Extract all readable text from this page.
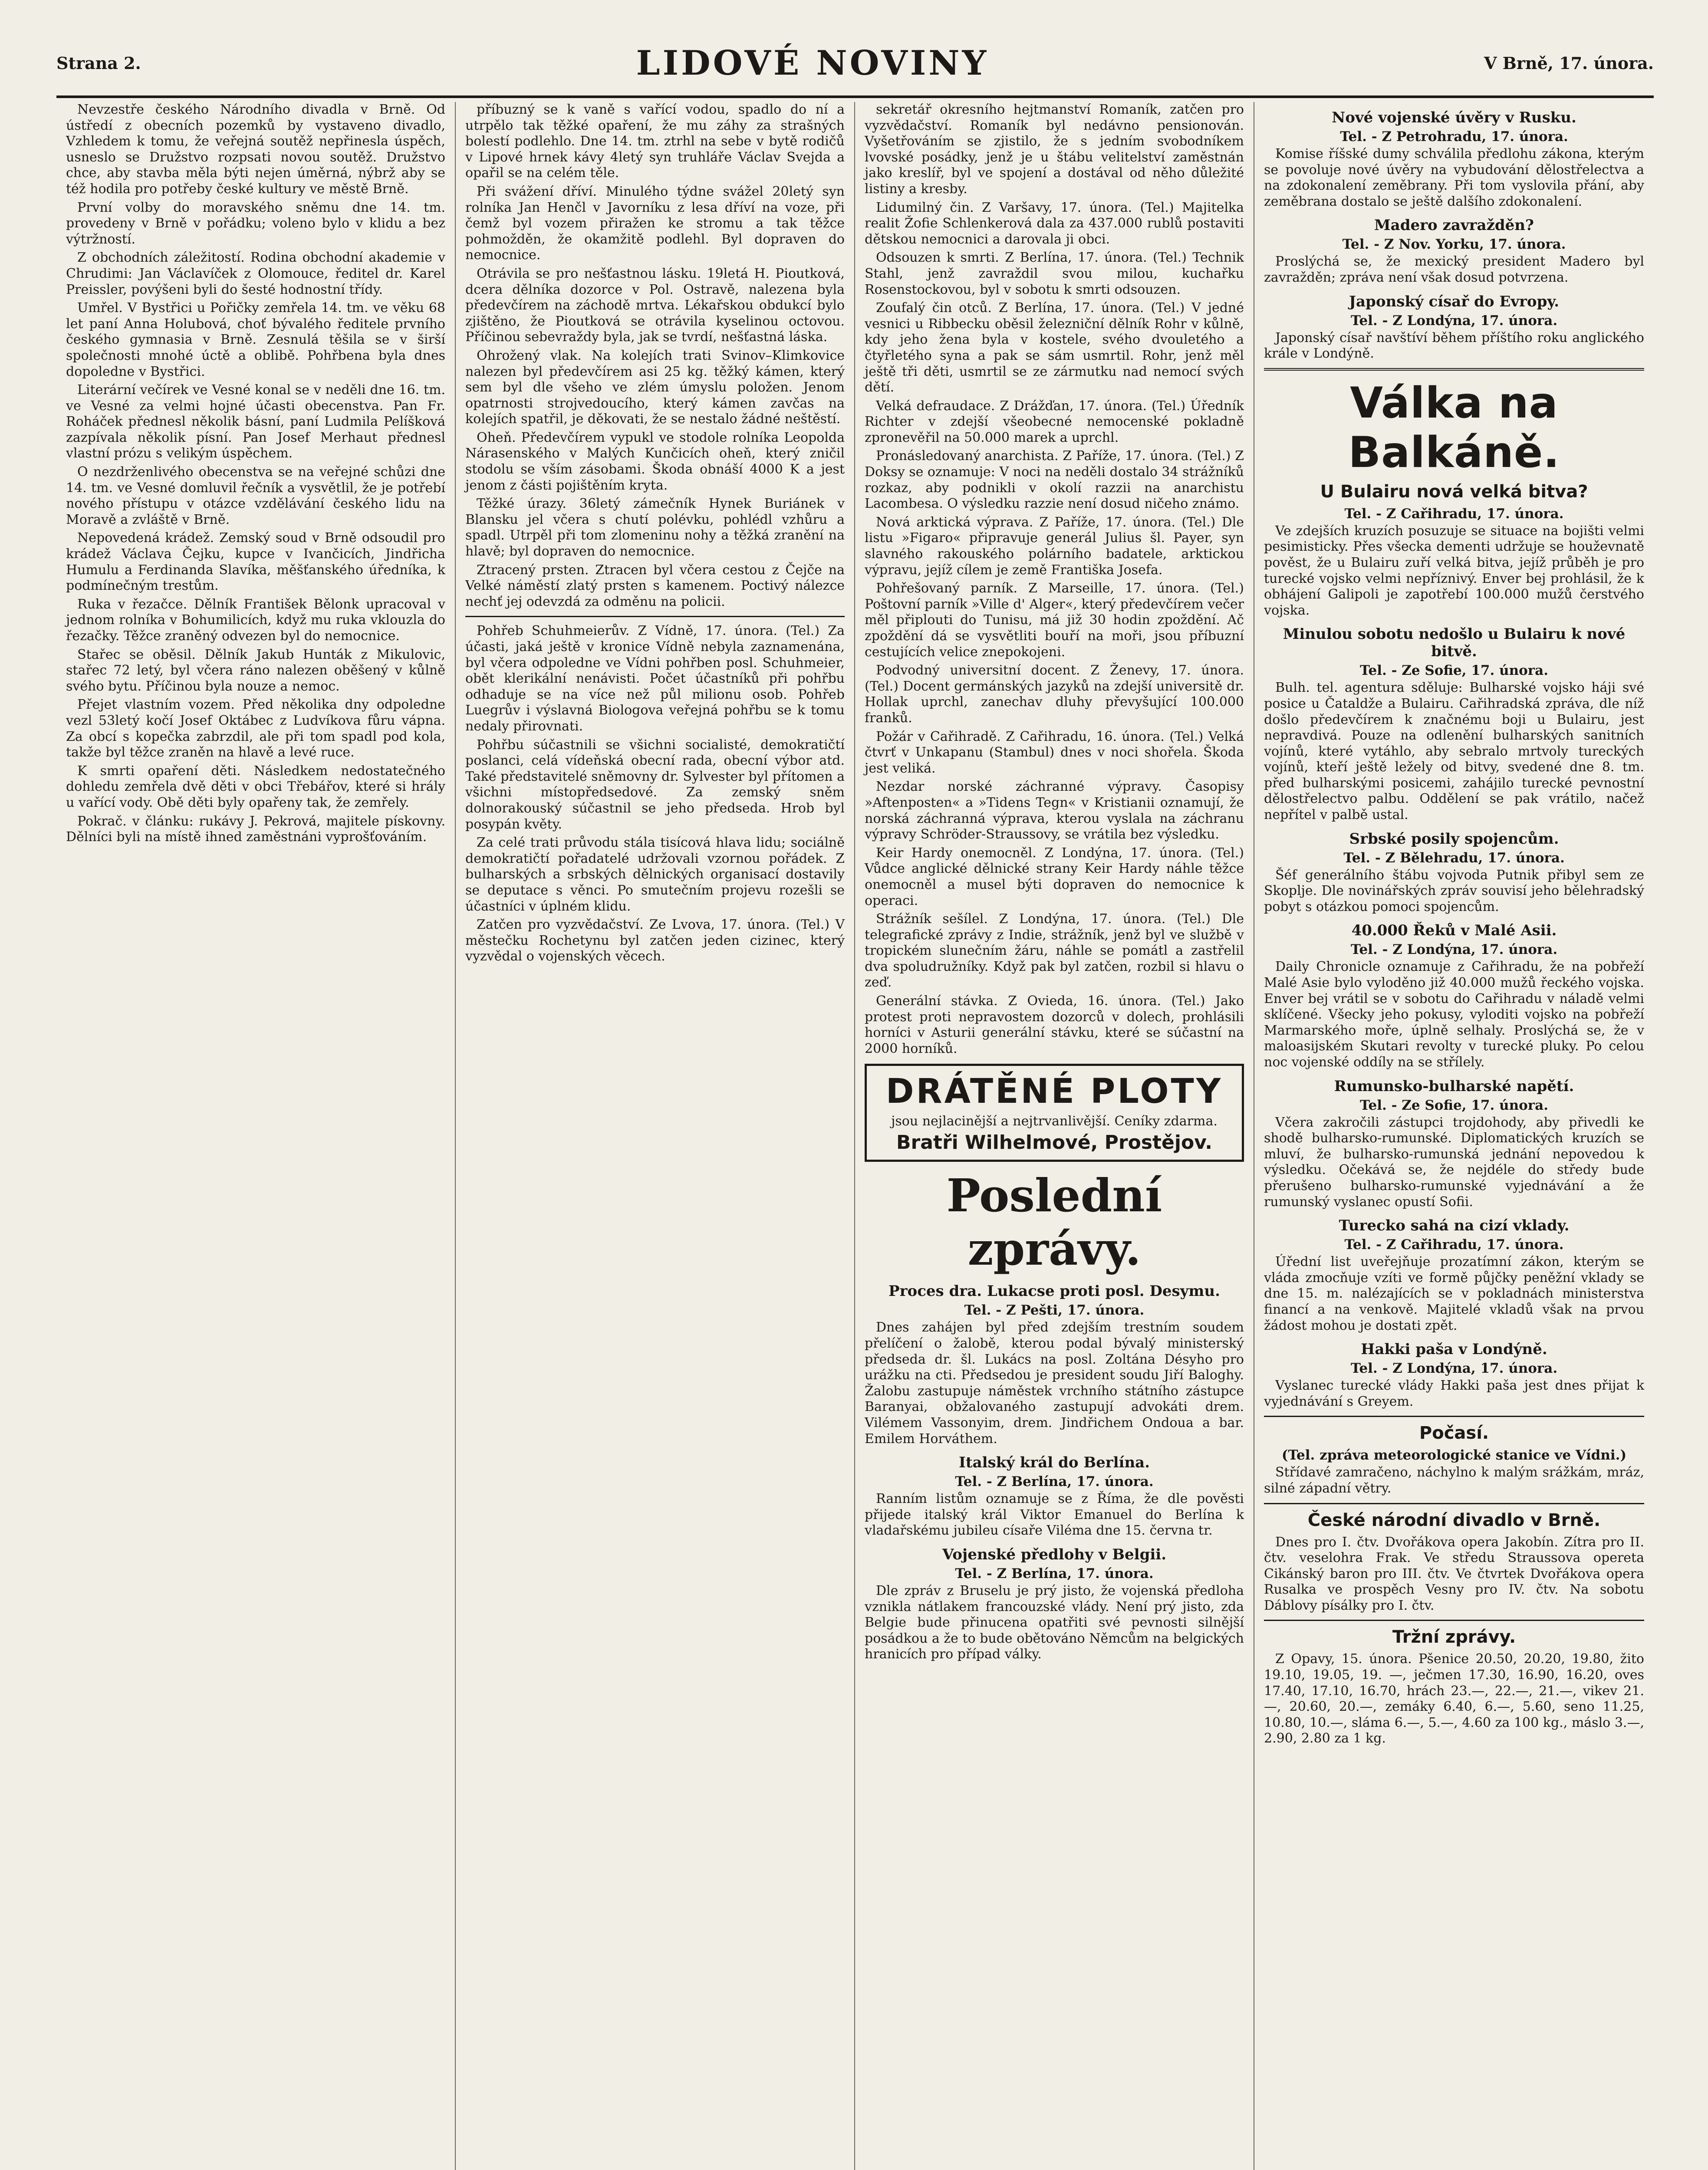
Strana 2.	LIDOVÉ NOVINY	V Brně, 17. února.

Nevzestře českého Národního divadla v Brně. Od ústředí z obecních pozemků by vystaveno divadlo, Vzhledem k tomu, že veřejná soutěž nepřinesla úspěch, usneslo se Družstvo rozpsati novou soutěž. Družstvo chce, aby stavba měla býti nejen úměrná, nýbrž aby se též hodila pro potřeby české kultury ve městě Brně.

První volby do moravského sněmu dne 14. tm. provedeny v Brně v pořádku; voleno bylo v klidu a bez výtržností.

Z obchodních záležitostí. Rodina obchodní akademie v Chrudimi: Jan Václavíček z Olomouce, ředitel dr. Karel Preissler, povýšeni byli do šesté hodnostní třídy.

Umřel. V Bystřici u Pořičky zemřela 14. tm. ve věku 68 let paní Anna Holubová, choť bývalého ředitele prvního českého gymnasia v Brně. Zesnulá těšila se v širší společnosti mnohé úctě a oblibě. Pohřbena byla dnes dopoledne v Bystřici.

Literární večírek ve Vesné konal se v neděli dne 16. tm. ve Vesné za velmi hojné účasti obecenstva. Pan Fr. Roháček přednesl několik básní, paní Ludmila Pelíšková zazpívala několik písní. Pan Josef Merhaut přednesl vlastní prózu s velikým úspěchem.

O nezdrženlivého obecenstva se na veřejné schůzi dne 14. tm. ve Vesné domluvil řečník a vysvětlil, že je potřebí nového přístupu v otázce vzdělávání českého lidu na Moravě a zvláště v Brně.

Nepovedená krádež. Zemský soud v Brně odsoudil pro krádež Václava Čejku, kupce v Ivančicích, Jindřicha Humulu a Ferdinanda Slavíka, měšťanského úředníka, k podmínečným trestům.

Ruka v řezačce. Dělník František Bělonk upracoval v jednom rolníka v Bohumilicích, když mu ruka vklouzla do řezačky. Těžce zraněný odvezen byl do nemocnice.

Stařec se oběsil. Dělník Jakub Hunták z Mikulovic, stařec 72 letý, byl včera ráno nalezen oběšený v kůlně svého bytu. Příčinou byla nouze a nemoc.

Přejet vlastním vozem. Před několika dny odpoledne vezl 53letý kočí Josef Oktábec z Ludvíkova fůru vápna. Za obcí s kopečka zabrzdil, ale při tom spadl pod kola, takže byl těžce zraněn na hlavě a levé ruce.

K smrti opaření děti. Následkem nedostatečného dohledu zemřela dvě děti v obci Třebářov, které si hrály u vařící vody. Obě děti byly opařeny tak, že zemřely.

Pokrač. v článku: rukávy J. Pekrová, majitele pískovny. Dělníci byli na místě ihned zaměstnáni vyprošťováním.

příbuzný se k vaně s vařící vodou, spadlo do ní a utrpělo tak těžké opaření, že mu záhy za strašných bolestí podlehlo. Dne 14. tm. ztrhl na sebe v bytě rodičů v Lipové hrnek kávy 4letý syn truhláře Václav Svejda a opařil se na celém těle.

Při svážení dříví. Minulého týdne svážel 20letý syn rolníka Jan Henčl v Javorníku z lesa dříví na voze, při čemž byl vozem přiražen ke stromu a tak těžce pohmožděn, že okamžitě podlehl. Byl dopraven do nemocnice.

Otrávila se pro nešťastnou lásku. 19letá H. Pioutková, dcera dělníka dozorce v Pol. Ostravě, nalezena byla předevčírem na záchodě mrtva. Lékařskou obdukcí bylo zjištěno, že Pioutková se otrávila kyselinou octovou. Příčinou sebevraždy byla, jak se tvrdí, nešťastná láska.

Ohrožený vlak. Na kolejích trati Svinov–Klimkovice nalezen byl předevčírem asi 25 kg. těžký kámen, který sem byl dle všeho ve zlém úmyslu položen. Jenom opatrnosti strojvedoucího, který kámen zavčas na kolejích spatřil, je děkovati, že se nestalo žádné neštěstí.

Oheň. Předevčírem vypukl ve stodole rolníka Leopolda Nárasenského v Malých Kunčicích oheň, který zničil stodolu se vším zásobami. Škoda obnáší 4000 K a jest jenom z části pojištěním kryta.

Těžké úrazy. 36letý zámečník Hynek Buriánek v Blansku jel včera s chutí polévku, pohlédl vzhůru a spadl. Utrpěl při tom zlomeninu nohy a těžká zranění na hlavě; byl dopraven do nemocnice.

Ztracený prsten. Ztracen byl včera cestou z Čejče na Velké náměstí zlatý prsten s kamenem. Poctivý nálezce nechť jej odevzdá za odměnu na policii.

Pohřeb Schuhmeierův. Z Vídně, 17. února. (Tel.) Za účasti, jaká ještě v kronice Vídně nebyla zaznamenána, byl včera odpoledne ve Vídni pohřben posl. Schuhmeier, obět klerikální nenávisti. Počet účastníků při pohřbu odhaduje se na více než půl milionu osob. Pohřeb Luegrův i výslavná Biologova veřejná pohřbu se k tomu nedaly přirovnati.

Pohřbu súčastnili se všichni socialisté, demokratičtí poslanci, celá vídeňská obecní rada, obecní výbor atd. Také představitelé sněmovny dr. Sylvester byl přítomen a všichni místopředsedové. Za zemský sněm dolnorakouský súčastnil se jeho předseda. Hrob byl posypán květy.

Za celé trati průvodu stála tisícová hlava lidu; sociálně demokratičtí pořadatelé udržovali vzornou pořádek. Z bulharských a srbských dělnických organisací dostavily se deputace s věnci. Po smutečním projevu rozešli se účastníci v úplném klidu.

Zatčen pro vyzvědačství. Ze Lvova, 17. února. (Tel.) V městečku Rochetynu byl zatčen jeden cizinec, který vyzvědal o vojenských věcech.

sekretář okresního hejtmanství Romaník, zatčen pro vyzvědačství. Romaník byl nedávno pensionován. Vyšetřováním se zjistilo, že s jedním svobodníkem lvovské posádky, jenž je u štábu velitelství zaměstnán jako kreslíř, byl ve spojení a dostával od něho důležité listiny a kresby.

Lidumilný čin. Z Varšavy, 17. února. (Tel.) Majitelka realit Žofie Schlenkerová dala za 437.000 rublů postaviti dětskou nemocnici a darovala ji obci.

Odsouzen k smrti. Z Berlína, 17. února. (Tel.) Technik Stahl, jenž zavraždil svou milou, kuchařku Rosenstockovou, byl v sobotu k smrti odsouzen.

Zoufalý čin otců. Z Berlína, 17. února. (Tel.) V jedné vesnici u Ribbecku oběsil železniční dělník Rohr v kůlně, kdy jeho žena byla v kostele, svého dvouletého a čtyřletého syna a pak se sám usmrtil. Rohr, jenž měl ještě tři děti, usmrtil se ze zármutku nad nemocí svých dětí.

Velká defraudace. Z Drážďan, 17. února. (Tel.) Úředník Richter v zdejší všeobecné nemocenské pokladně zpronevěřil na 50.000 marek a uprchl.

Pronásledovaný anarchista. Z Paříže, 17. února. (Tel.) Z Doksy se oznamuje: V noci na neděli dostalo 34 strážníků rozkaz, aby podnikli v okolí razzii na anarchistu Lacombesa. O výsledku razzie není dosud ničeho známo.

Nová arktická výprava. Z Paříže, 17. února. (Tel.) Dle listu »Figaro« připravuje generál Julius šl. Payer, syn slavného rakouského polárního badatele, arktickou výpravu, jejíž cílem je země Františka Josefa.

Pohřešovaný parník. Z Marseille, 17. února. (Tel.) Poštovní parník »Ville d' Alger«, který předevčírem večer měl připlouti do Tunisu, má již 30 hodin zpoždění. Ač zpoždění dá se vysvětliti bouří na moři, jsou příbuzní cestujících velice znepokojeni.

Podvodný universitní docent. Z Ženevy, 17. února. (Tel.) Docent germánských jazyků na zdejší universitě dr. Hollak uprchl, zanechav dluhy převyšující 100.000 franků.

Požár v Cařihradě. Z Cařihradu, 16. února. (Tel.) Velká čtvrť v Unkapanu (Stambul) dnes v noci shořela. Škoda jest veliká.

Nezdar norské záchranné výpravy. Časopisy »Aftenposten« a »Tidens Tegn« v Kristianii oznamují, že norská záchranná výprava, kterou vyslala na záchranu výpravy Schröder-Straussovy, se vrátila bez výsledku.

Keir Hardy onemocněl. Z Londýna, 17. února. (Tel.) Vůdce anglické dělnické strany Keir Hardy náhle těžce onemocněl a musel býti dopraven do nemocnice k operaci.

Strážník sešílel. Z Londýna, 17. února. (Tel.) Dle telegrafické zprávy z Indie, strážník, jenž byl ve službě v tropickém slunečním žáru, náhle se pomátl a zastřelil dva spoludružníky. Když pak byl zatčen, rozbil si hlavu o zeď.

Generální stávka. Z Ovieda, 16. února. (Tel.) Jako protest proti nepravostem dozorců v dolech, prohlásili horníci v Asturii generální stávku, které se súčastní na 2000 horníků.

DRÁTĚNÉ PLOTY
jsou nejlacinější a nejtrvanlivější. Ceníky zdarma.
Bratři Wilhelmové, Prostějov.
Poslední zprávy.
Proces dra. Lukacse proti posl. Desymu.
Tel. - Z Pešti, 17. února.

Dnes zahájen byl před zdejším trestním soudem přelíčení o žalobě, kterou podal bývalý ministerský předseda dr. šl. Lukács na posl. Zoltána Désyho pro urážku na cti. Předsedou je president soudu Jiří Baloghy. Žalobu zastupuje náměstek vrchního státního zástupce Baranyai, obžalovaného zastupují advokáti drem. Vilémem Vassonyim, drem. Jindřichem Ondoua a bar. Emilem Horváthem.

Italský král do Berlína.
Tel. - Z Berlína, 17. února.

Ranním listům oznamuje se z Říma, že dle pověsti přijede italský král Viktor Emanuel do Berlína k vladařskému jubileu císaře Viléma dne 15. června tr.

Vojenské předlohy v Belgii.
Tel. - Z Berlína, 17. února.

Dle zpráv z Bruselu je prý jisto, že vojenská předloha vznikla nátlakem francouzské vlády. Není prý jisto, zda Belgie bude přinucena opatřiti své pevnosti silnější posádkou a že to bude obětováno Němcům na belgických hranicích pro případ války.

Nové vojenské úvěry v Rusku.
Tel. - Z Petrohradu, 17. února.

Komise říšské dumy schválila předlohu zákona, kterým se povoluje nové úvěry na vybudování dělostřelectva a na zdokonalení zeměbrany. Při tom vyslovila přání, aby zeměbrana dostalo se ještě dalšího zdokonalení.

Madero zavražděn?
Tel. - Z Nov. Yorku, 17. února.

Proslýchá se, že mexický president Madero byl zavražděn; zpráva není však dosud potvrzena.

Japonský císař do Evropy.
Tel. - Z Londýna, 17. února.

Japonský císař navštíví během příštího roku anglického krále v Londýně.

Válka na Balkáně.
U Bulairu nová velká bitva?
Tel. - Z Cařihradu, 17. února.

Ve zdejších kruzích posuzuje se situace na bojišti velmi pesimisticky. Přes všecka dementi udržuje se houževnatě pověst, že u Bulairu zuří velká bitva, jejíž průběh je pro turecké vojsko velmi nepříznivý. Enver bej prohlásil, že k obhájení Galipoli je zapotřebí 100.000 mužů čerstvého vojska.

Minulou sobotu nedošlo u Bulairu k nové bitvě.
Tel. - Ze Sofie, 17. února.

Bulh. tel. agentura sděluje: Bulharské vojsko háji své posice u Čataldže a Bulairu. Cařihradská zpráva, dle níž došlo předevčírem k značnému boji u Bulairu, jest nepravdivá. Pouze na odlenění bulharských sanitních vojínů, které vytáhlo, aby sebralo mrtvoly tureckých vojínů, kteří ještě ležely od bitvy, svedené dne 8. tm. před bulharskými posicemi, zahájilo turecké pevnostní dělostřelectvo palbu. Oddělení se pak vrátilo, načež nepřítel v palbě ustal.

Srbské posily spojencům.
Tel. - Z Bělehradu, 17. února.

Šéf generálního štábu vojvoda Putnik přibyl sem ze Skoplje. Dle novinářských zpráv souvisí jeho bělehradský pobyt s otázkou pomoci spojencům.

40.000 Řeků v Malé Asii.
Tel. - Z Londýna, 17. února.

Daily Chronicle oznamuje z Cařihradu, že na pobřeží Malé Asie bylo vyloděno již 40.000 mužů řeckého vojska. Enver bej vrátil se v sobotu do Cařihradu v náladě velmi sklíčené. Všecky jeho pokusy, vyloditi vojsko na pobřeží Marmarského moře, úplně selhaly. Proslýchá se, že v maloasijském Skutari revolty v turecké pluky. Po celou noc vojenské oddíly na se střílely.

Rumunsko-bulharské napětí.
Tel. - Ze Sofie, 17. února.

Včera zakročili zástupci trojdohody, aby přivedli ke shodě bulharsko-rumunské. Diplomatických kruzích se mluví, že bulharsko-rumunská jednání nepovedou k výsledku. Očekává se, že nejdéle do středy bude přerušeno bulharsko-rumunské vyjednávání a že rumunský vyslanec opustí Sofii.

Turecko sahá na cizí vklady.
Tel. - Z Cařihradu, 17. února.

Úřední list uveřejňuje prozatímní zákon, kterým se vláda zmocňuje vzíti ve formě půjčky peněžní vklady se dne 15. m. nalézajících se v pokladnách ministerstva financí a na venkově. Majitelé vkladů však na prvou žádost mohou je dostati zpět.

Hakki paša v Londýně.
Tel. - Z Londýna, 17. února.

Vyslanec turecké vlády Hakki paša jest dnes přijat k vyjednávání s Greyem.

Počasí.
(Tel. zpráva meteorologické stanice ve Vídni.)

Střídavé zamračeno, náchylno k malým srážkám, mráz, silné západní větry.

České národní divadlo v Brně.

Dnes pro I. čtv. Dvořákova opera Jakobín. Zítra pro II. čtv. veselohra Frak. Ve středu Straussova opereta Cikánský baron pro III. čtv. Ve čtvrtek Dvořákova opera Rusalka ve prospěch Vesny pro IV. čtv. Na sobotu Dáblovy písálky pro I. čtv.

Tržní zprávy.

Z Opavy, 15. února. Pšenice 20.50, 20.20, 19.80, žito 19.10, 19.05, 19. —, ječmen 17.30, 16.90, 16.20, oves 17.40, 17.10, 16.70, hrách 23.—, 22.—, 21.—, vikev 21.—, 20.60, 20.—, zemáky 6.40, 6.—, 5.60, seno 11.25, 10.80, 10.—, sláma 6.—, 5.—, 4.60 za 100 kg., máslo 3.—, 2.90, 2.80 za 1 kg.
